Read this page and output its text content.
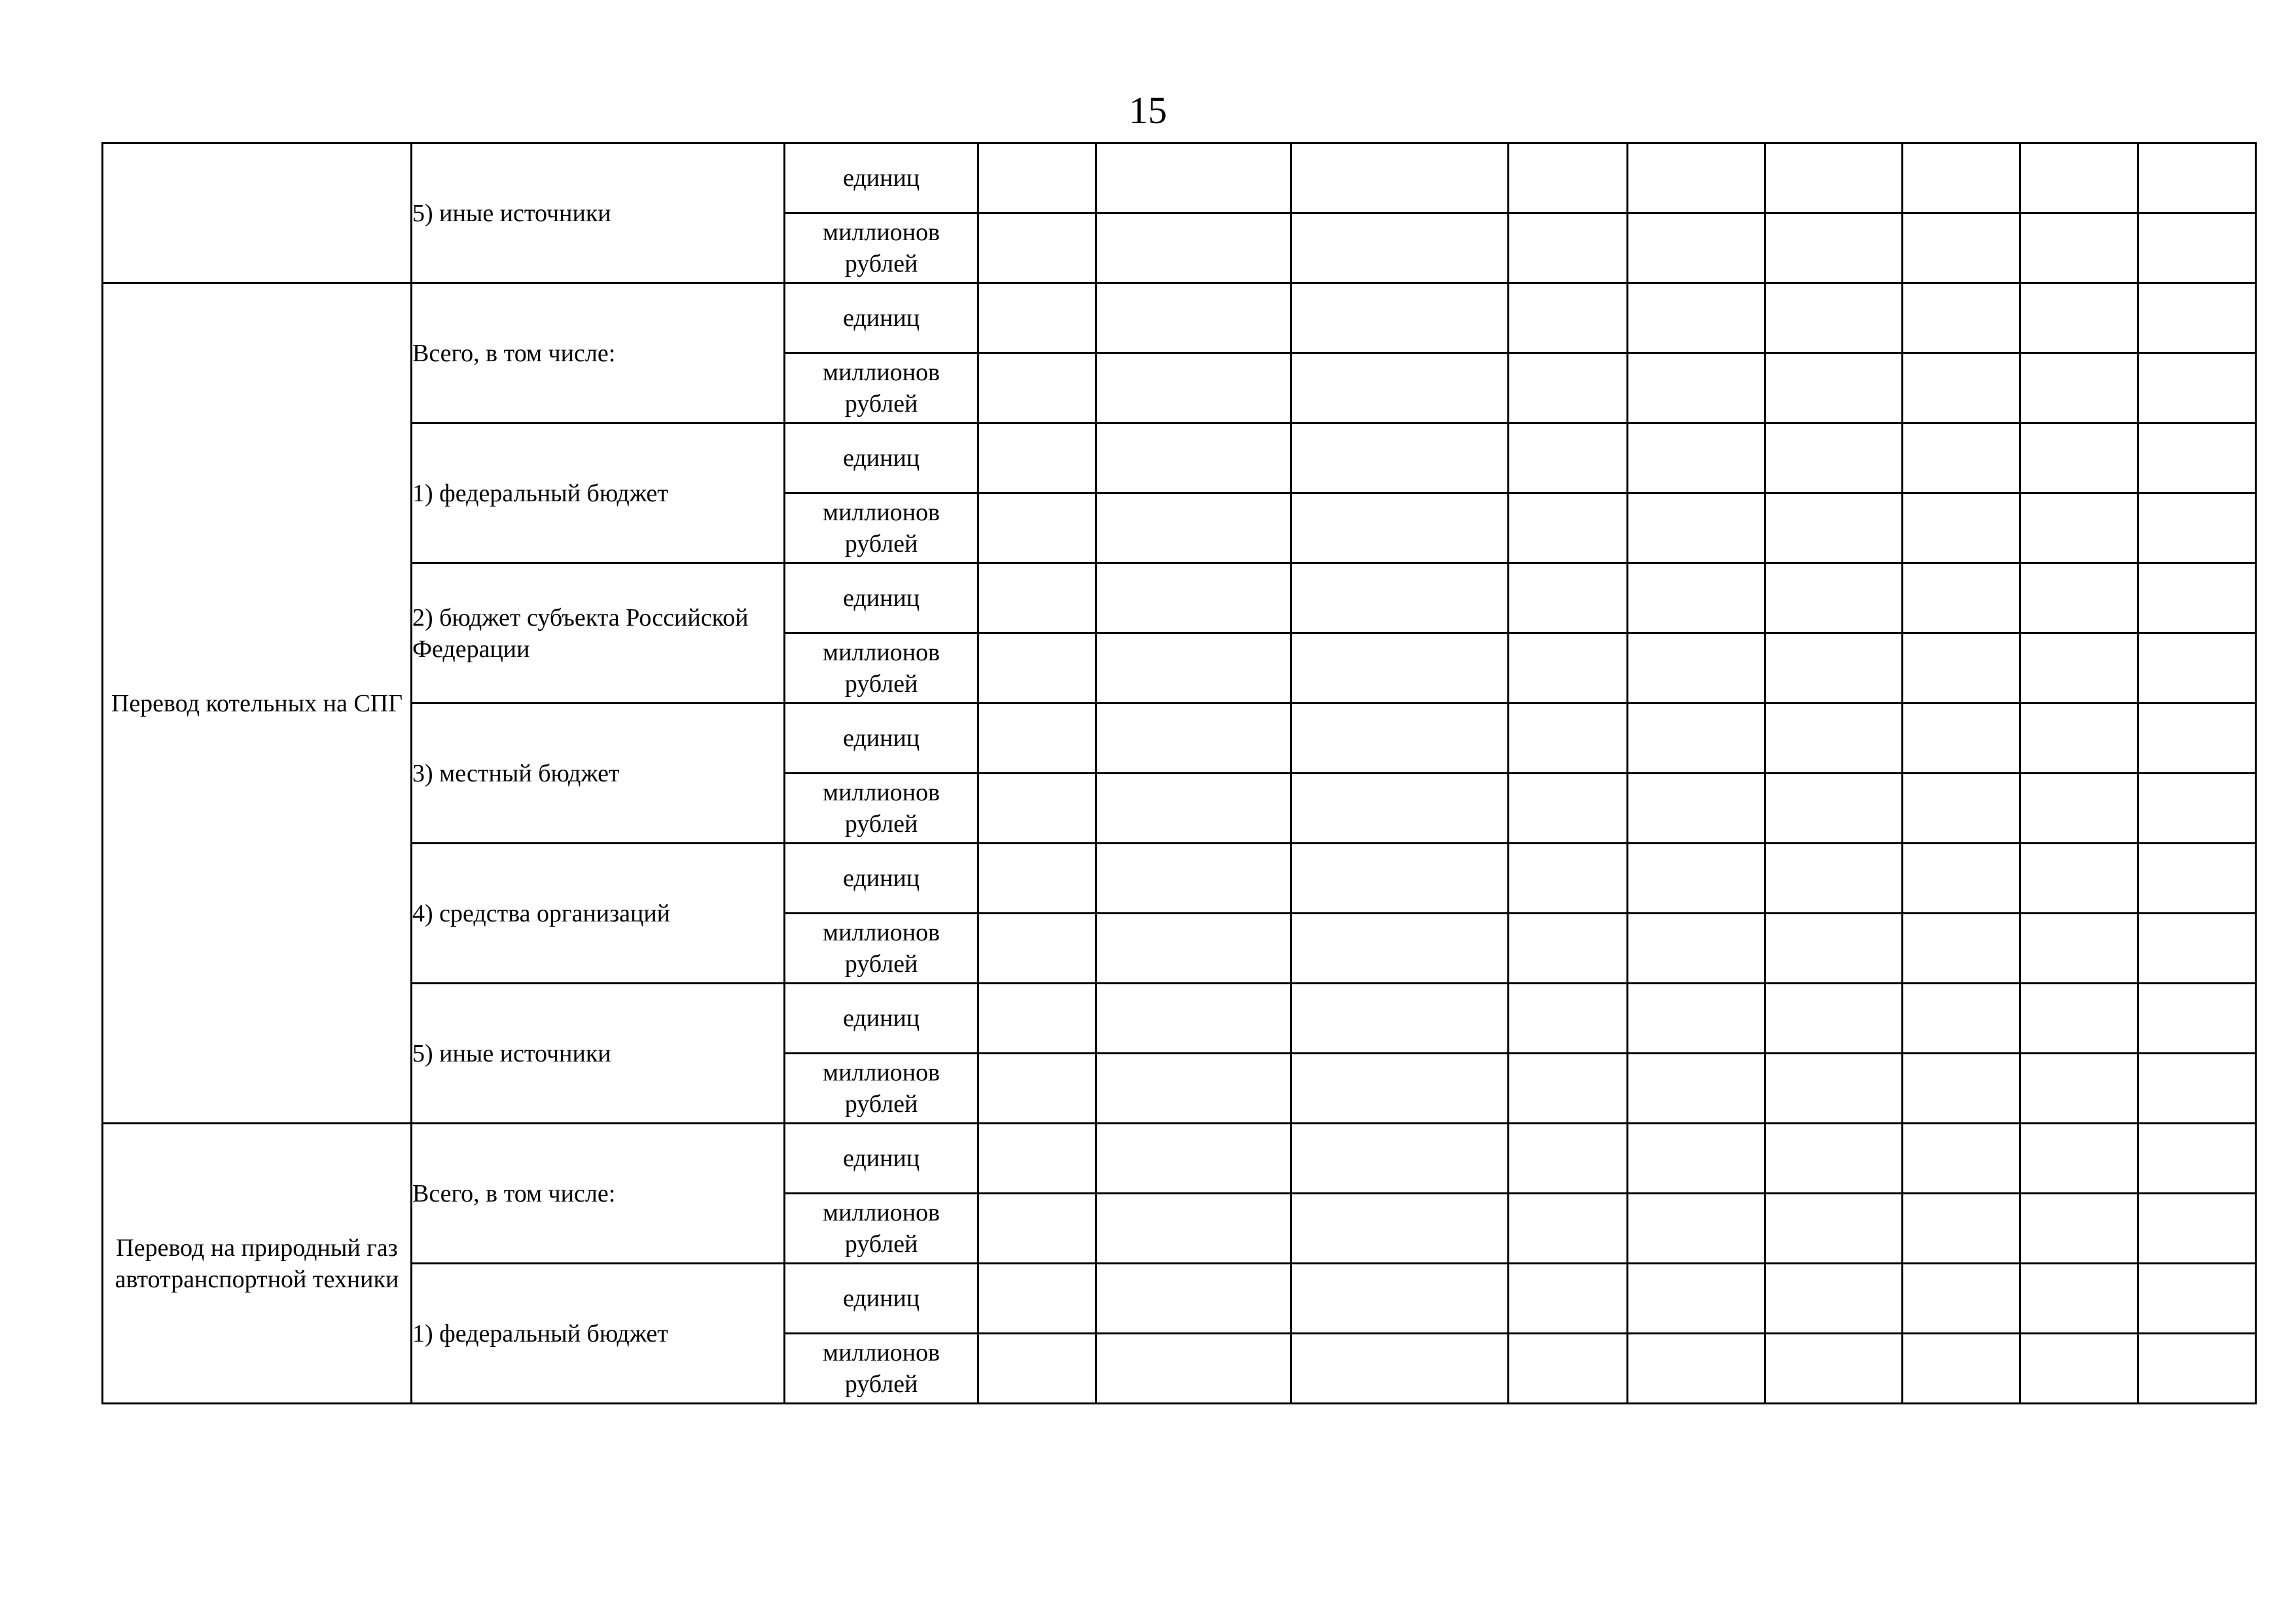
15
	5) иные источники	единиц									
		миллионов рублей									
Перевод котельных на СПГ	Всего, в том числе:	единиц									
		миллионов рублей									
	1) федеральный бюджет	единиц									
		миллионов рублей									
	2) бюджет субъекта Российской Федерации	единиц									
		миллионов рублей									
	3) местный бюджет	единиц									
		миллионов рублей									
	4) средства организаций	единиц									
		миллионов рублей									
	5) иные источники	единиц									
		миллионов рублей									
Перевод на природный газ автотранспортной техники	Всего, в том числе:	единиц									
		миллионов рублей									
	1) федеральный бюджет	единиц									
		миллионов рублей									
